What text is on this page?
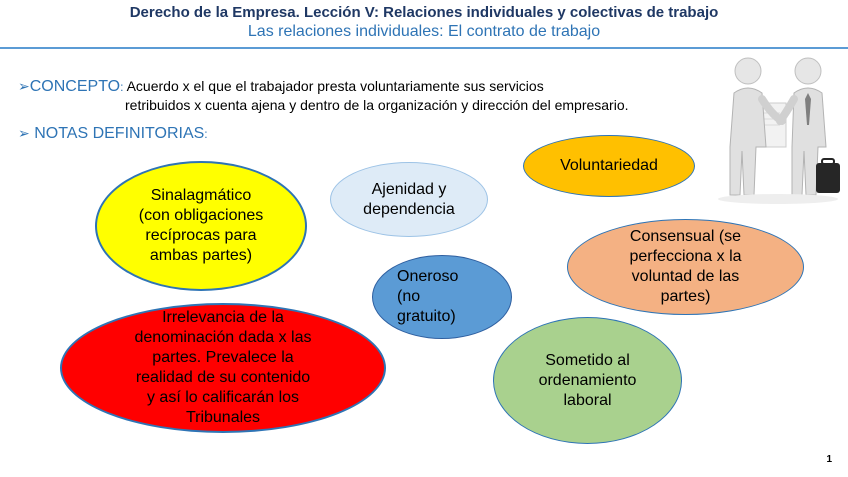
Derecho de la Empresa. Lección V: Relaciones individuales y colectivas de trabajo
Las relaciones individuales: El contrato de trabajo
➢CONCEPTO: Acuerdo x el que el trabajador presta voluntariamente sus servicios
retribuidos x cuenta ajena y dentro de la organización y dirección del empresario.
➢ NOTAS DEFINITORIAS:
Sinalagmático
(con obligaciones
recíprocas para
ambas partes)
Ajenidad y
dependencia
Voluntariedad
Oneroso
(no
gratuito)
Consensual (se
perfecciona x la
voluntad de las
partes)
Irrelevancia de la denominación dada x las partes. Prevalece la realidad de su contenido y así lo calificarán los Tribunales
Sometido al
ordenamiento
laboral
1
